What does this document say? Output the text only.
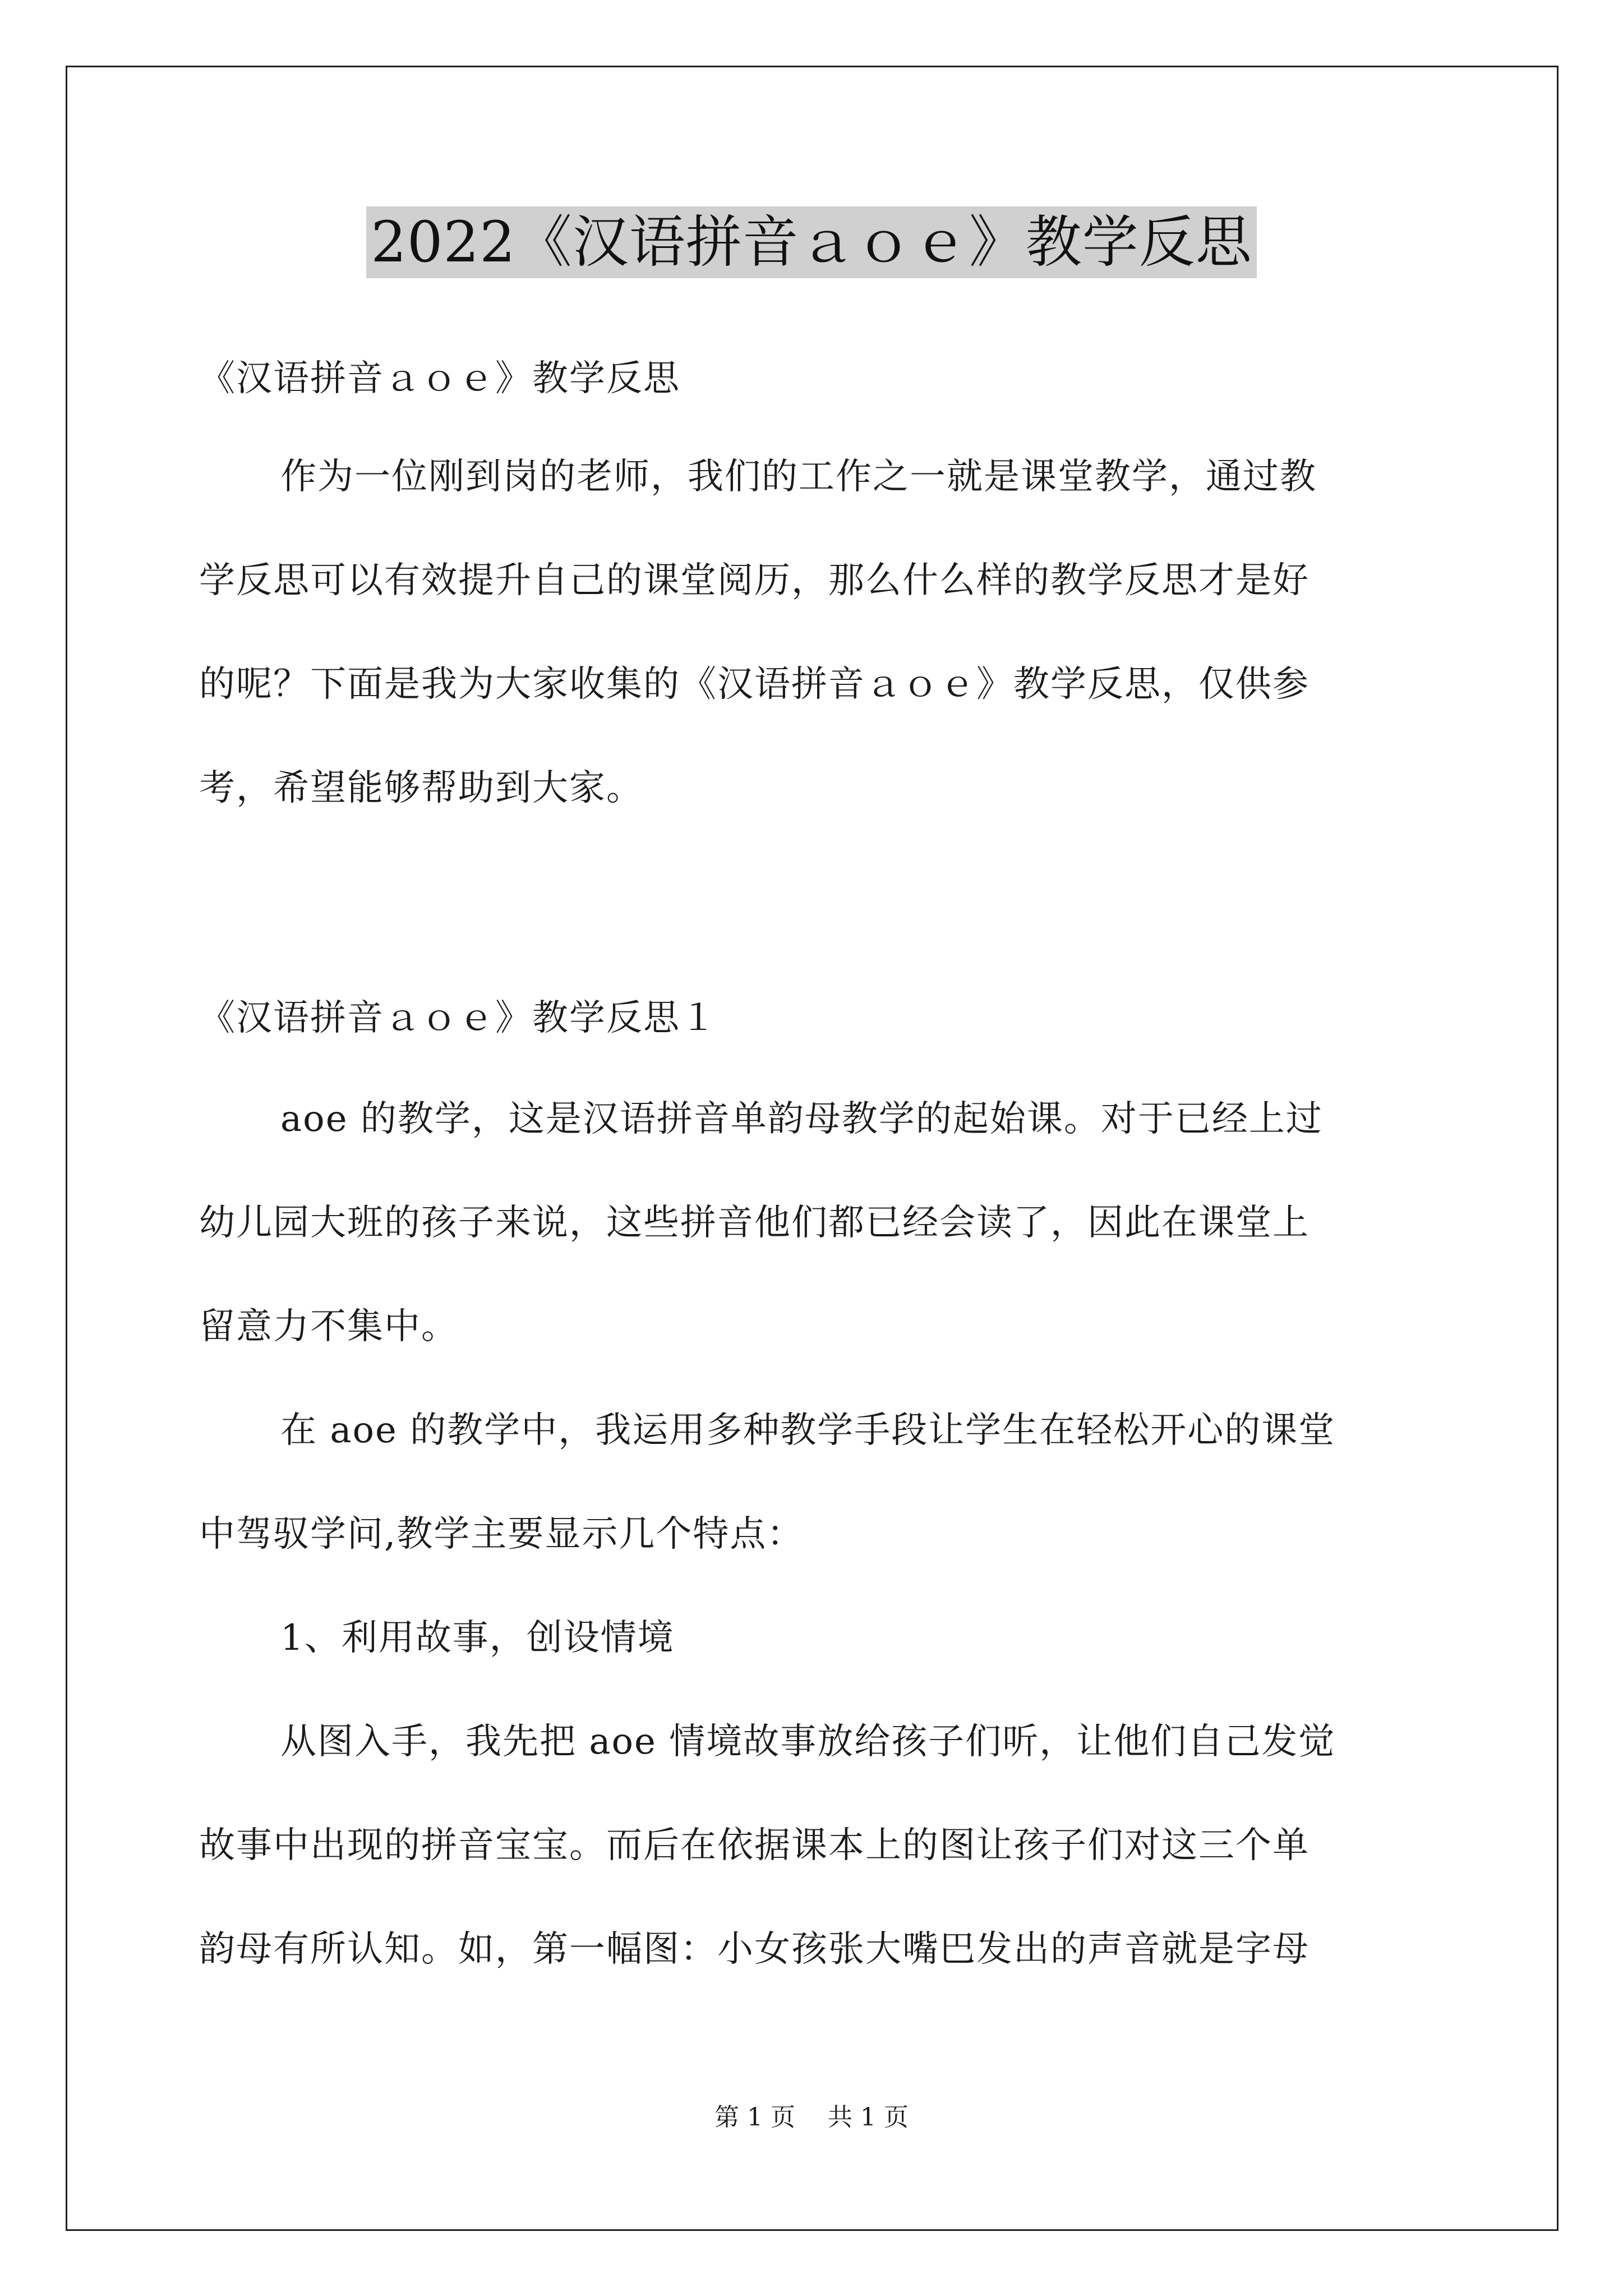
2022《汉语拼音ａｏｅ》教学反思
《汉语拼音ａｏｅ》教学反思
作为一位刚到岗的老师，我们的工作之一就是课堂教学，通过教
学反思可以有效提升自己的课堂阅历，那么什么样的教学反思才是好
的呢？下面是我为大家收集的《汉语拼音ａｏｅ》教学反思，仅供参
考，希望能够帮助到大家。
《汉语拼音ａｏｅ》教学反思１
aoe 的教学，这是汉语拼音单韵母教学的起始课。对于已经上过
幼儿园大班的孩子来说，这些拼音他们都已经会读了，因此在课堂上
留意力不集中。
在 aoe 的教学中，我运用多种教学手段让学生在轻松开心的课堂
中驾驭学问,教学主要显示几个特点：
1、利用故事，创设情境
从图入手，我先把 aoe 情境故事放给孩子们听，让他们自己发觉
故事中出现的拼音宝宝。而后在依据课本上的图让孩子们对这三个单
韵母有所认知。如，第一幅图：小女孩张大嘴巴发出的声音就是字母
第 1 页 共 1 页
